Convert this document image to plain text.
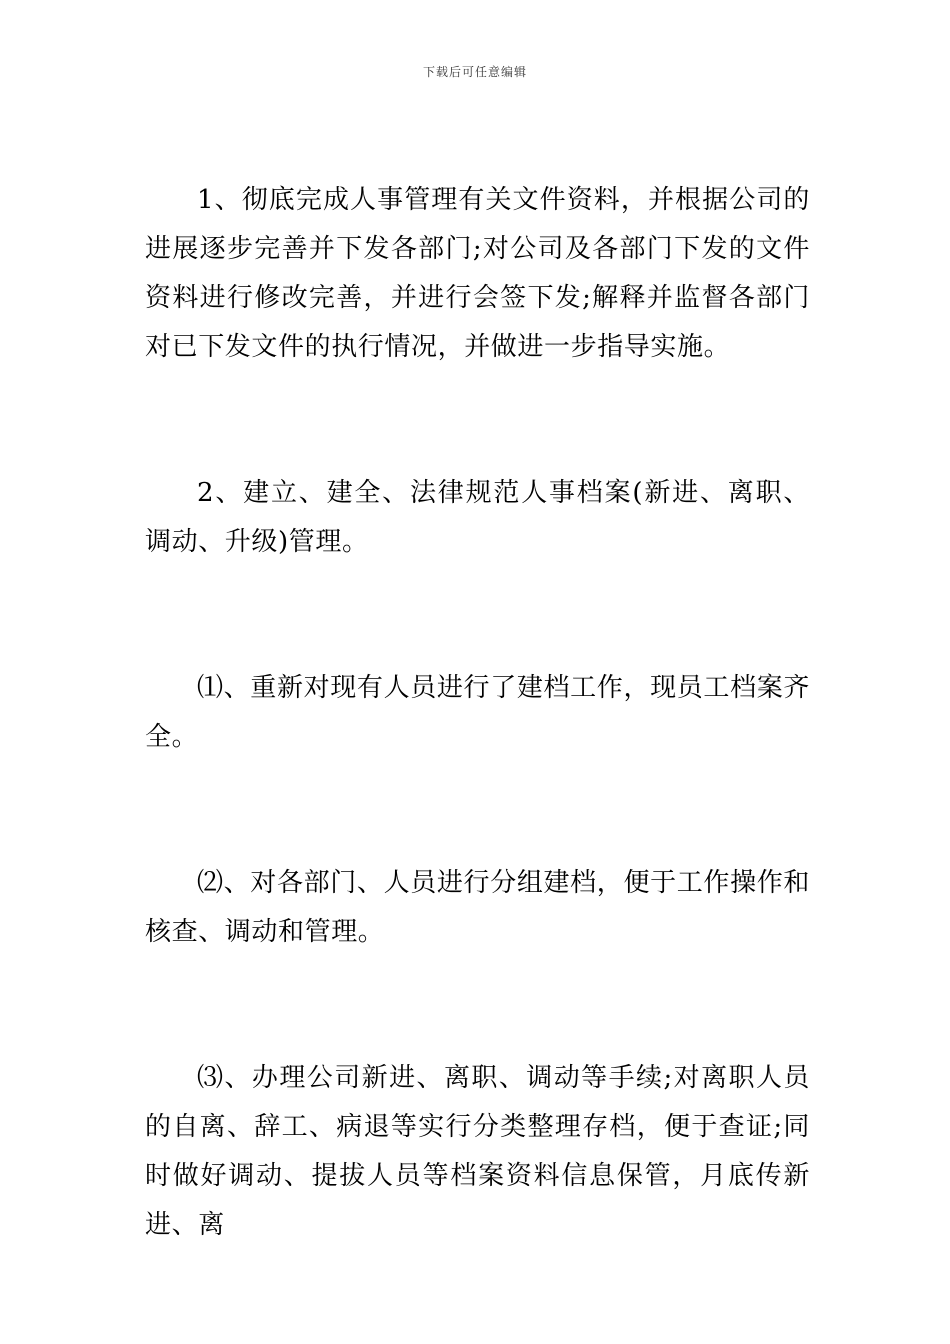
下载后可任意编辑

1、彻底完成人事管理有关文件资料，并根据公司的进展逐步完善并下发各部门;对公司及各部门下发的文件资料进行修改完善，并进行会签下发;解释并监督各部门对已下发文件的执行情况，并做进一步指导实施。

2、建立、建全、法律规范人事档案(新进、离职、调动、升级)管理。

⑴、重新对现有人员进行了建档工作，现员工档案齐全。

⑵、对各部门、人员进行分组建档，便于工作操作和核查、调动和管理。

⑶、办理公司新进、离职、调动等手续;对离职人员的自离、辞工、病退等实行分类整理存档，便于查证;同时做好调动、提拔人员等档案资料信息保管，月底传新进、离
